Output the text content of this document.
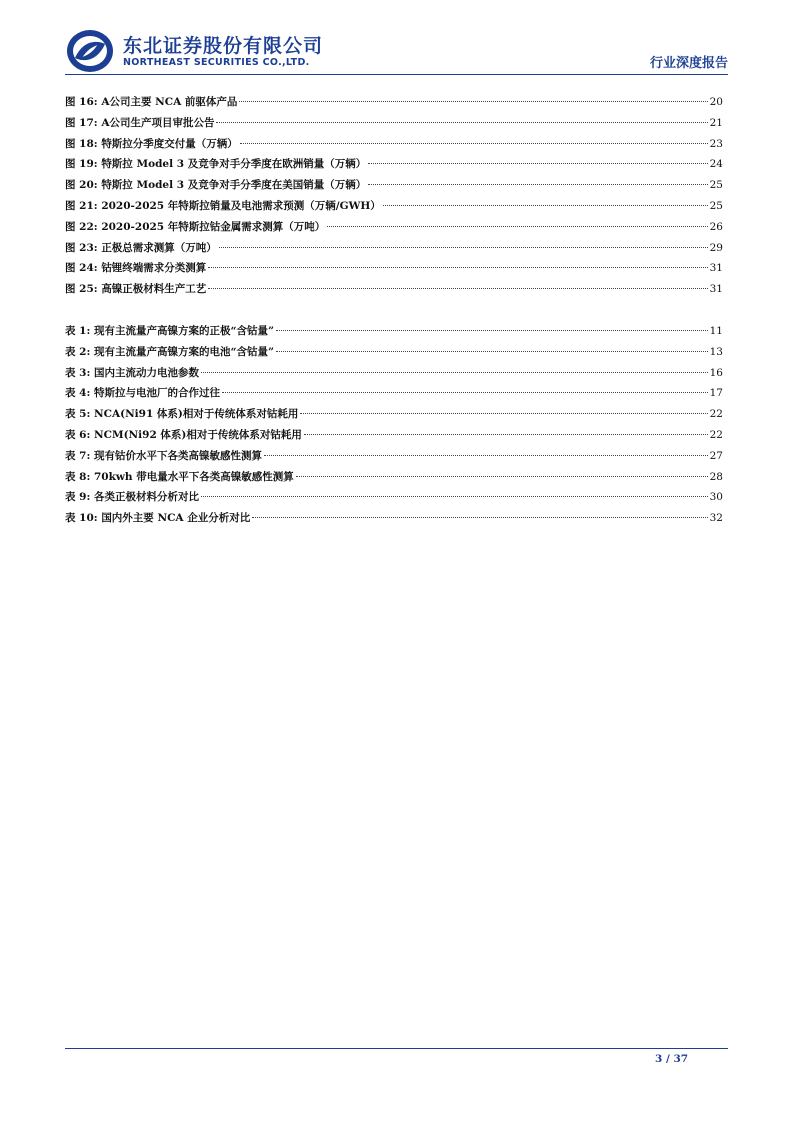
东北证券股份有限公司
NORTHEAST SECURITIES CO.,LTD.	行业深度报告
图 16:
A公司主要 NCA 前驱体产品	20
图 17:
A公司生产项目审批公告	21
图 18:
特斯拉分季度交付量（万辆）	23
图 19:
特斯拉 Model 3 及竞争对手分季度在欧洲销量（万辆）	24
图 20:
特斯拉 Model 3 及竞争对手分季度在美国销量（万辆）	25
图 21:
2020-2025 年特斯拉销量及电池需求预测（万辆/GWH）	25
图 22:
2020-2025 年特斯拉钴金属需求测算（万吨）	26
图 23:
正极总需求测算（万吨）	29
图 24:
钴锂终端需求分类测算	31
图 25:
高镍正极材料生产工艺	31
表 1:
现有主流量产高镍方案的正极“含钴量”	11
表 2:
现有主流量产高镍方案的电池“含钴量”	13
表 3:
国内主流动力电池参数	16
表 4:
特斯拉与电池厂的合作过往	17
表 5:
NCA(Ni91 体系)相对于传统体系对钴耗用	22
表 6:
NCM(Ni92 体系)相对于传统体系对钴耗用	22
表 7:
现有钴价水平下各类高镍敏感性测算	27
表 8:
70kwh 带电量水平下各类高镍敏感性测算	28
表 9:
各类正极材料分析对比	30
表 10:
国内外主要 NCA 企业分析对比	32
3 / 37
